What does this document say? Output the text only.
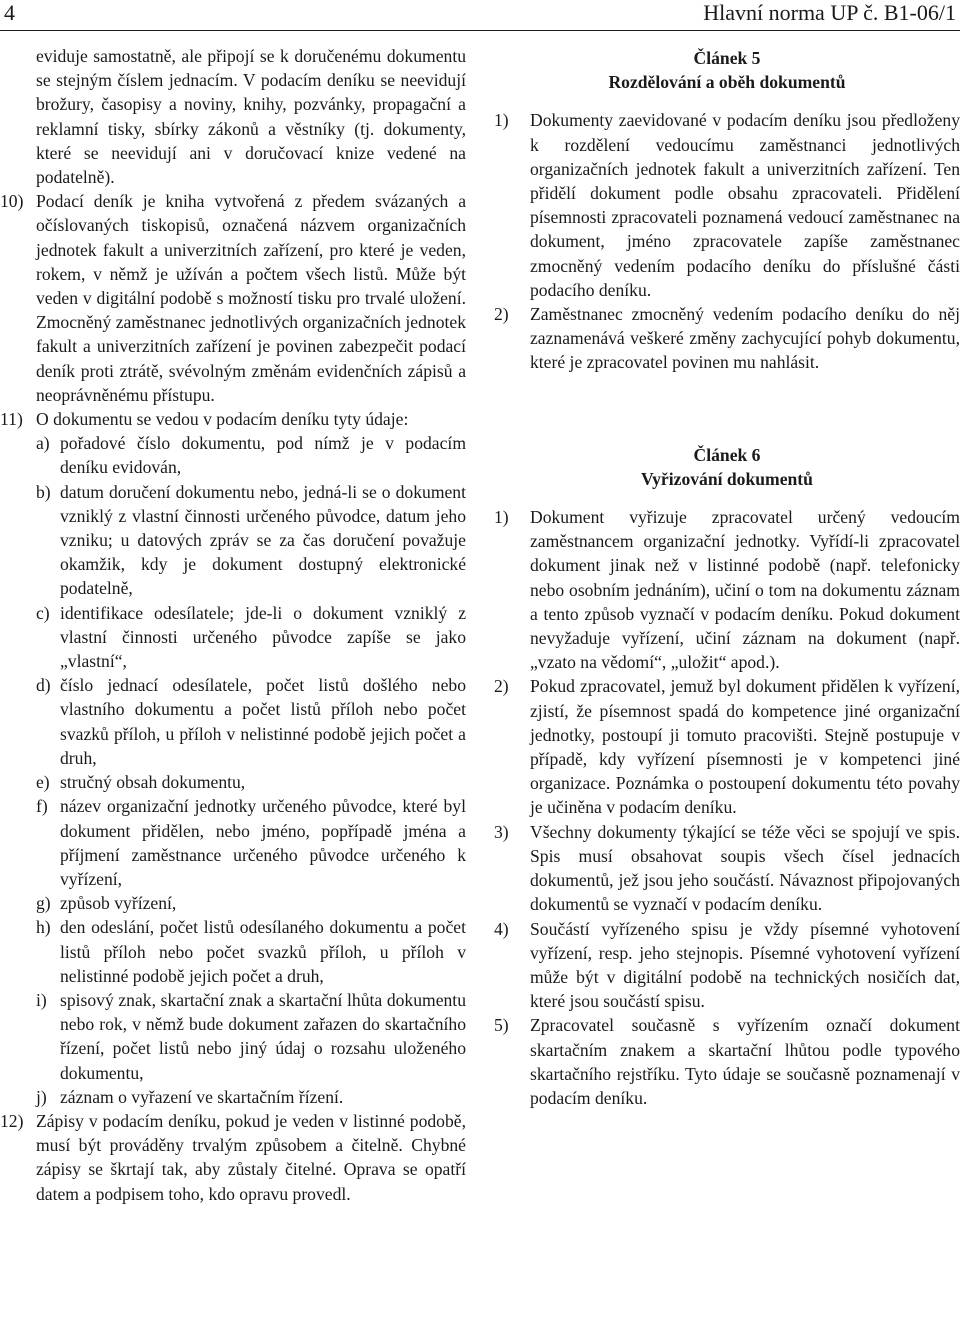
4	Hlavní norma UP č. B1-06/1

eviduje samostatně, ale připojí se k doručenému dokumentu se stejným číslem jednacím. V podacím deníku se neevidují brožury, časopisy a noviny, knihy, pozvánky, propagační a reklamní tisky, sbírky zákonů a věstníky (tj. dokumenty, které se neevidují ani v doručovací knize vedené na podatelně).

10) Podací deník je kniha vytvořená z předem svázaných a očíslovaných tiskopisů, označená názvem organizačních jednotek fakult a univerzitních zařízení, pro které je veden, rokem, v němž je užíván a počtem všech listů. Může být veden v digitální podobě s možností tisku pro trvalé uložení. Zmocněný zaměstnanec jednotlivých organizačních jednotek fakult a univerzitních zařízení je povinen zabezpečit podací deník proti ztrátě, svévolným změnám evidenčních zápisů a neoprávněnému přístupu.
11) O dokumentu se vedou v podacím deníku tyty údaje:
a) pořadové číslo dokumentu, pod nímž je v podacím deníku evidován,
b) datum doručení dokumentu nebo, jedná-li se o dokument vzniklý z vlastní činnosti určeného původce, datum jeho vzniku; u datových zpráv se za čas doručení považuje okamžik, kdy je dokument dostupný elektronické podatelně,
c) identifikace odesílatele; jde-li o dokument vzniklý z vlastní činnosti určeného původce zapíše se jako „vlastní“,
d) číslo jednací odesílatele, počet listů došlého nebo vlastního dokumentu a počet listů příloh nebo počet svazků příloh, u příloh v nelistinné podobě jejich počet a druh,
e) stručný obsah dokumentu,
f) název organizační jednotky určeného původce, které byl dokument přidělen, nebo jméno, popřípadě jména a příjmení zaměstnance určeného původce určeného k vyřízení,
g) způsob vyřízení,
h) den odeslání, počet listů odesílaného dokumentu a počet listů příloh nebo počet svazků příloh, u příloh v nelistinné podobě jejich počet a druh,
i) spisový znak, skartační znak a skartační lhůta dokumentu nebo rok, v němž bude dokument zařazen do skartačního řízení, počet listů nebo jiný údaj o rozsahu uloženého dokumentu,
j) záznam o vyřazení ve skartačním řízení.
12) Zápisy v podacím deníku, pokud je veden v listinné podobě, musí být prováděny trvalým způsobem a čitelně. Chybné zápisy se škrtají tak, aby zůstaly čitelné. Oprava se opatří datem a podpisem toho, kdo opravu provedl.

Článek 5

Rozdělování a oběh dokumentů

1) Dokumenty zaevidované v podacím deníku jsou předloženy k rozdělení vedoucímu zaměstnanci jednotlivých organizačních jednotek fakult a univerzitních zařízení. Ten přidělí dokument podle obsahu zpracovateli. Přidělení písemnosti zpracovateli poznamená vedoucí zaměstnanec na dokument, jméno zpracovatele zapíše zaměstnanec zmocněný vedením podacího deníku do příslušné části podacího deníku.
2) Zaměstnanec zmocněný vedením podacího deníku do něj zaznamenává veškeré změny zachycující pohyb dokumentu, které je zpracovatel povinen mu nahlásit.

Článek 6

Vyřizování dokumentů

1) Dokument vyřizuje zpracovatel určený vedoucím zaměstnancem organizační jednotky. Vyřídí-li zpracovatel dokument jinak než v listinné podobě (např. telefonicky nebo osobním jednáním), učiní o tom na dokumentu záznam a tento způsob vyznačí v podacím deníku. Pokud dokument nevyžaduje vyřízení, učiní záznam na dokument (např. „vzato na vědomí“, „uložit“ apod.).
2) Pokud zpracovatel, jemuž byl dokument přidělen k vyřízení, zjistí, že písemnost spadá do kompetence jiné organizační jednotky, postoupí ji tomuto pracovišti. Stejně postupuje v případě, kdy vyřízení písemnosti je v kompetenci jiné organizace. Poznámka o postoupení dokumentu této povahy je učiněna v podacím deníku.
3) Všechny dokumenty týkající se téže věci se spojují ve spis. Spis musí obsahovat soupis všech čísel jednacích dokumentů, jež jsou jeho součástí. Návaznost připojovaných dokumentů se vyznačí v podacím deníku.
4) Součástí vyřízeného spisu je vždy písemné vyhotovení vyřízení, resp. jeho stejnopis. Písemné vyhotovení vyřízení může být v digitální podobě na technických nosičích dat, které jsou součástí spisu.
5) Zpracovatel současně s vyřízením označí dokument skartačním znakem a skartační lhůtou podle typového skartačního rejstříku. Tyto údaje se současně poznamenají v podacím deníku.
